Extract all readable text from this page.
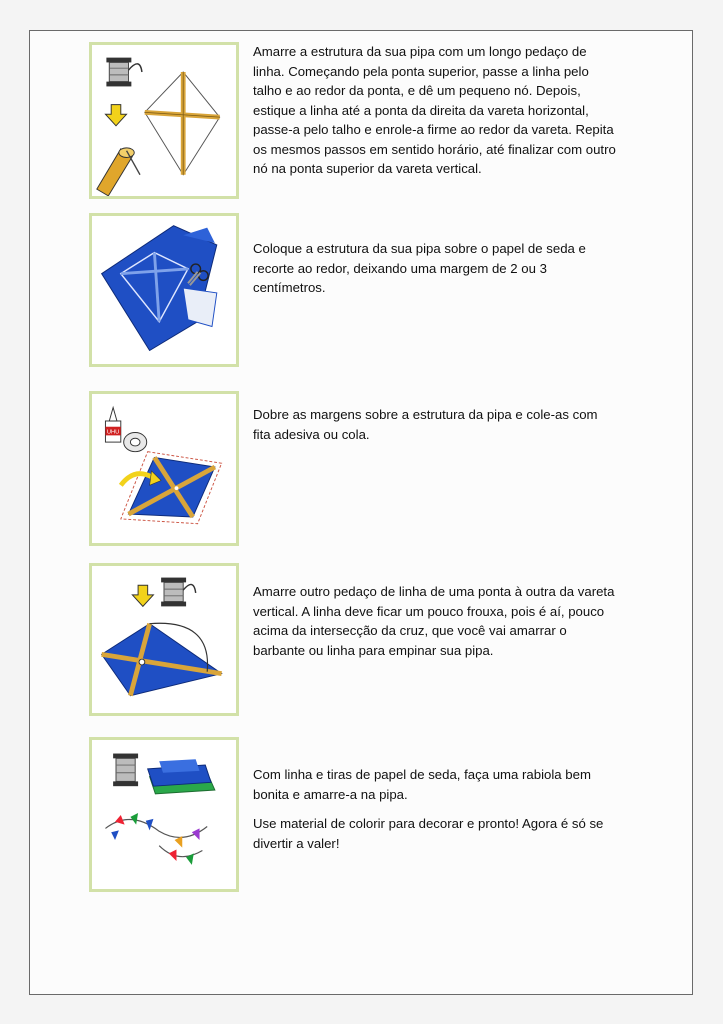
Amarre a estrutura da sua pipa com um longo pedaço de linha. Começando pela ponta superior, passe a linha pelo talho e ao redor da ponta, e dê um pequeno nó. Depois, estique a linha até a ponta da direita da vareta horizontal, passe-a pelo talho e enrole-a firme ao redor da vareta. Repita os mesmos passos em sentido horário, até finalizar com outro nó na ponta superior da vareta vertical.

Coloque a estrutura da sua pipa sobre o papel de seda e recorte ao redor, deixando uma margem de 2 ou 3 centímetros.

UHU

Dobre as margens sobre a estrutura da pipa e cole-as com fita adesiva ou cola.

Amarre outro pedaço de linha de uma ponta à outra da vareta vertical. A linha deve ficar um pouco frouxa, pois é aí, pouco acima da intersecção da cruz, que você vai amarrar o barbante ou linha para empinar sua pipa.

Com linha e tiras de papel de seda, faça uma rabiola bem bonita e amarre-a na pipa.

Use material de colorir para decorar e pronto! Agora é só se divertir a valer!
